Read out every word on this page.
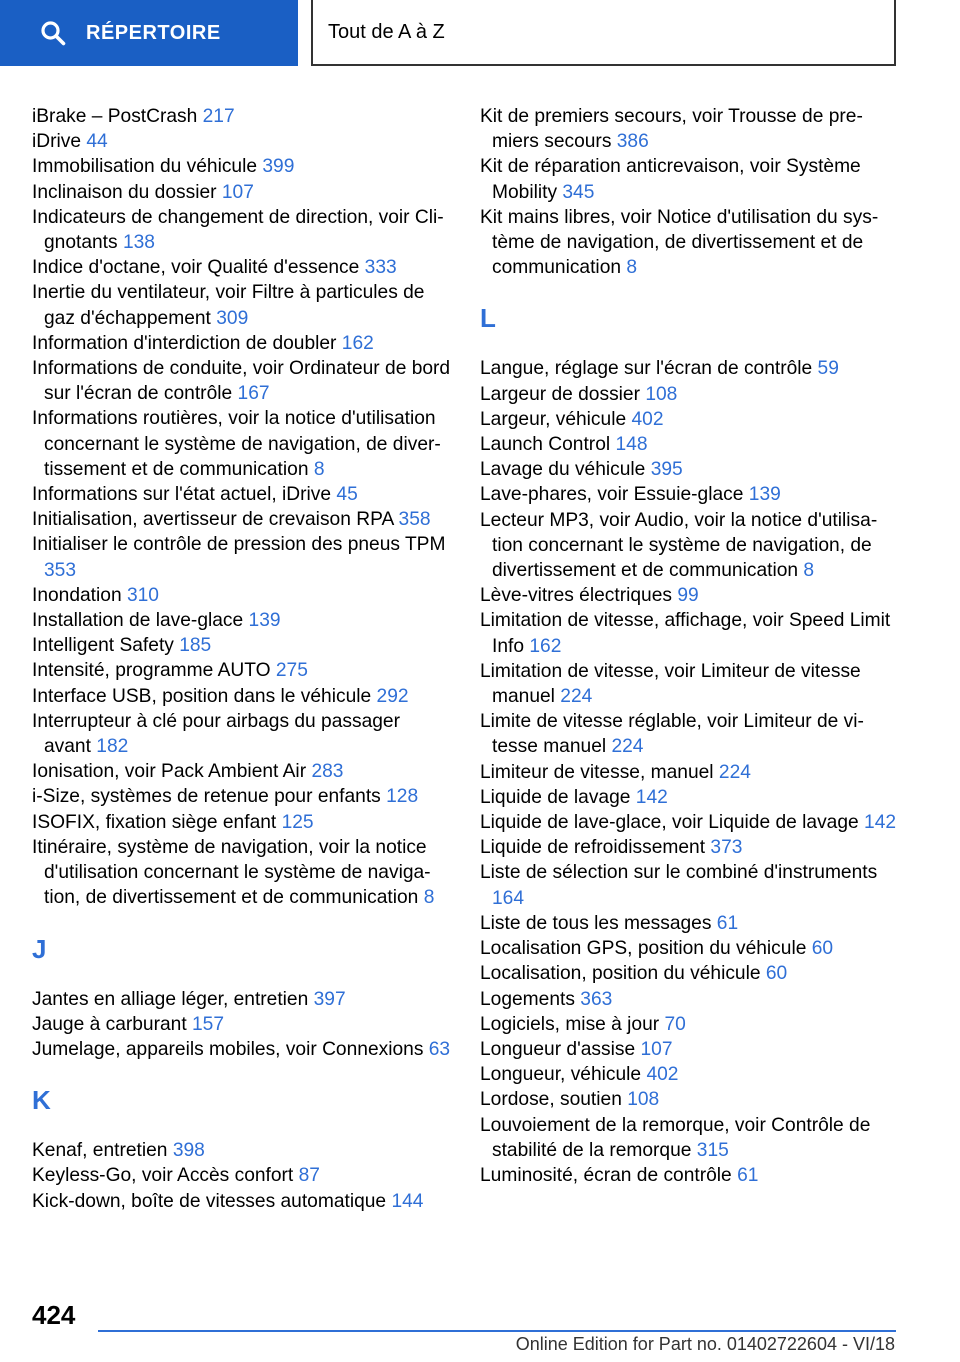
RÉPERTOIRE	Tout de A à Z
iBrake – PostCrash 217
iDrive 44
Immobilisation du véhicule 399
Inclinaison du dossier 107
Indicateurs de changement de direction, voir Clignotants 138
Indice d'octane, voir Qualité d'essence 333
Inertie du ventilateur, voir Filtre à particules de gaz d'échappement 309
Information d'interdiction de doubler 162
Informations de conduite, voir Ordinateur de bord sur l'écran de contrôle 167
Informations routières, voir la notice d'utilisation concernant le système de navigation, de divertissement et de communication 8
Informations sur l'état actuel, iDrive 45
Initialisation, avertisseur de crevaison RPA 358
Initialiser le contrôle de pression des pneus TPM 353
Inondation 310
Installation de lave-glace 139
Intelligent Safety 185
Intensité, programme AUTO 275
Interface USB, position dans le véhicule 292
Interrupteur à clé pour airbags du passager avant 182
Ionisation, voir Pack Ambient Air 283
i-Size, systèmes de retenue pour enfants 128
ISOFIX, fixation siège enfant 125
Itinéraire, système de navigation, voir la notice d'utilisation concernant le système de navigation, de divertissement et de communication 8
J
Jantes en alliage léger, entretien 397
Jauge à carburant 157
Jumelage, appareils mobiles, voir Connexions 63
K
Kenaf, entretien 398
Keyless-Go, voir Accès confort 87
Kick-down, boîte de vitesses automatique 144
Kit de premiers secours, voir Trousse de premiers secours 386
Kit de réparation anticrevaison, voir Système Mobility 345
Kit mains libres, voir Notice d'utilisation du système de navigation, de divertissement et de communication 8
L
Langue, réglage sur l'écran de contrôle 59
Largeur de dossier 108
Largeur, véhicule 402
Launch Control 148
Lavage du véhicule 395
Lave-phares, voir Essuie-glace 139
Lecteur MP3, voir Audio, voir la notice d'utilisation concernant le système de navigation, de divertissement et de communication 8
Lève-vitres électriques 99
Limitation de vitesse, affichage, voir Speed Limit Info 162
Limitation de vitesse, voir Limiteur de vitesse manuel 224
Limite de vitesse réglable, voir Limiteur de vitesse manuel 224
Limiteur de vitesse, manuel 224
Liquide de lavage 142
Liquide de lave-glace, voir Liquide de lavage 142
Liquide de refroidissement 373
Liste de sélection sur le combiné d'instruments 164
Liste de tous les messages 61
Localisation GPS, position du véhicule 60
Localisation, position du véhicule 60
Logements 363
Logiciels, mise à jour 70
Longueur d'assise 107
Longueur, véhicule 402
Lordose, soutien 108
Louvoiement de la remorque, voir Contrôle de stabilité de la remorque 315
Luminosité, écran de contrôle 61
424
Online Edition for Part no. 01402722604 - VI/18
